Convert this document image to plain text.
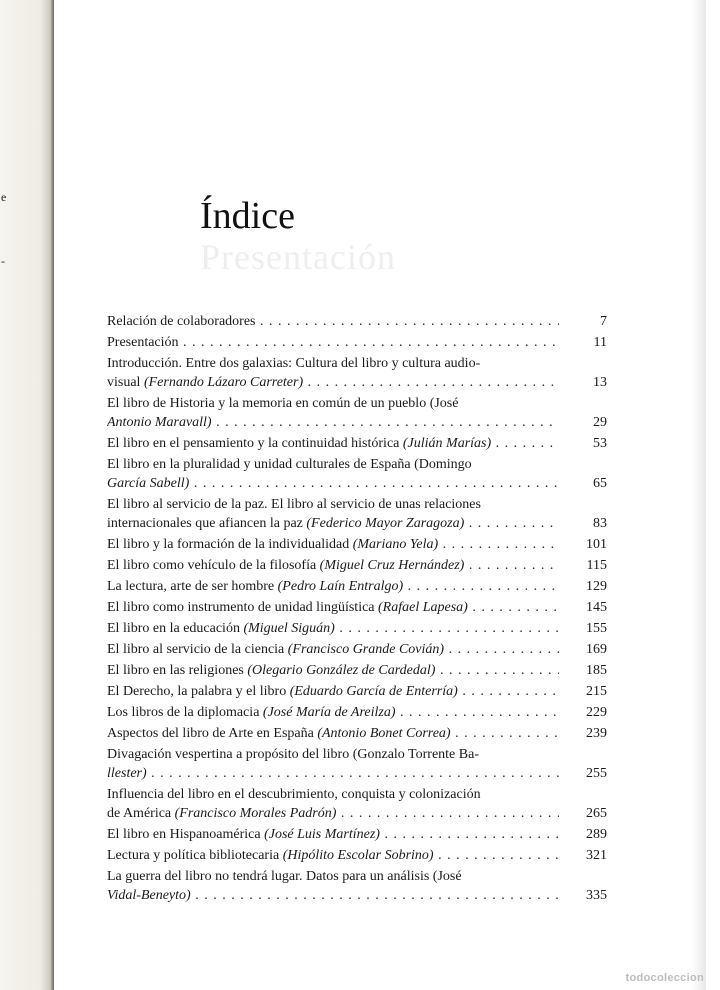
e
-	Presentación
Índice
Relación de colaboradores . . .	7
Presentación . . .	11
Introducción. Entre dos galaxias: Cultura del libro y cultura audio-
visual (Fernando Lázaro Carreter) . . .	13
El libro de Historia y la memoria en común de un pueblo (José
Antonio Maravall) . . .	29
El libro en el pensamiento y la continuidad histórica (Julián Marías) . . .	53
El libro en la pluralidad y unidad culturales de España (Domingo
García Sabell) . . .	65
El libro al servicio de la paz. El libro al servicio de unas relaciones
internacionales que afiancen la paz (Federico Mayor Zaragoza) . . .	83
El libro y la formación de la individualidad (Mariano Yela) . . .	101
El libro como vehículo de la filosofía (Miguel Cruz Hernández) . . .	115
La lectura, arte de ser hombre (Pedro Laín Entralgo) . . .	129
El libro como instrumento de unidad lingüística (Rafael Lapesa) . . .	145
El libro en la educación (Miguel Siguán) . . .	155
El libro al servicio de la ciencia (Francisco Grande Covián) . . .	169
El libro en las religiones (Olegario González de Cardedal) . . .	185
El Derecho, la palabra y el libro (Eduardo García de Enterría) . . .	215
Los libros de la diplomacia (José María de Areilza) . . .	229
Aspectos del libro de Arte en España (Antonio Bonet Correa) . . .	239
Divagación vespertina a propósito del libro (Gonzalo Torrente Ba-
llester) . . .	255
Influencia del libro en el descubrimiento, conquista y colonización
de América (Francisco Morales Padrón) . . .	265
El libro en Hispanoamérica (José Luis Martínez) . . .	289
Lectura y política bibliotecaria (Hipólito Escolar Sobrino) . . .	321
La guerra del libro no tendrá lugar. Datos para un análisis (José
Vidal-Beneyto) . . .	335
todocoleccion
